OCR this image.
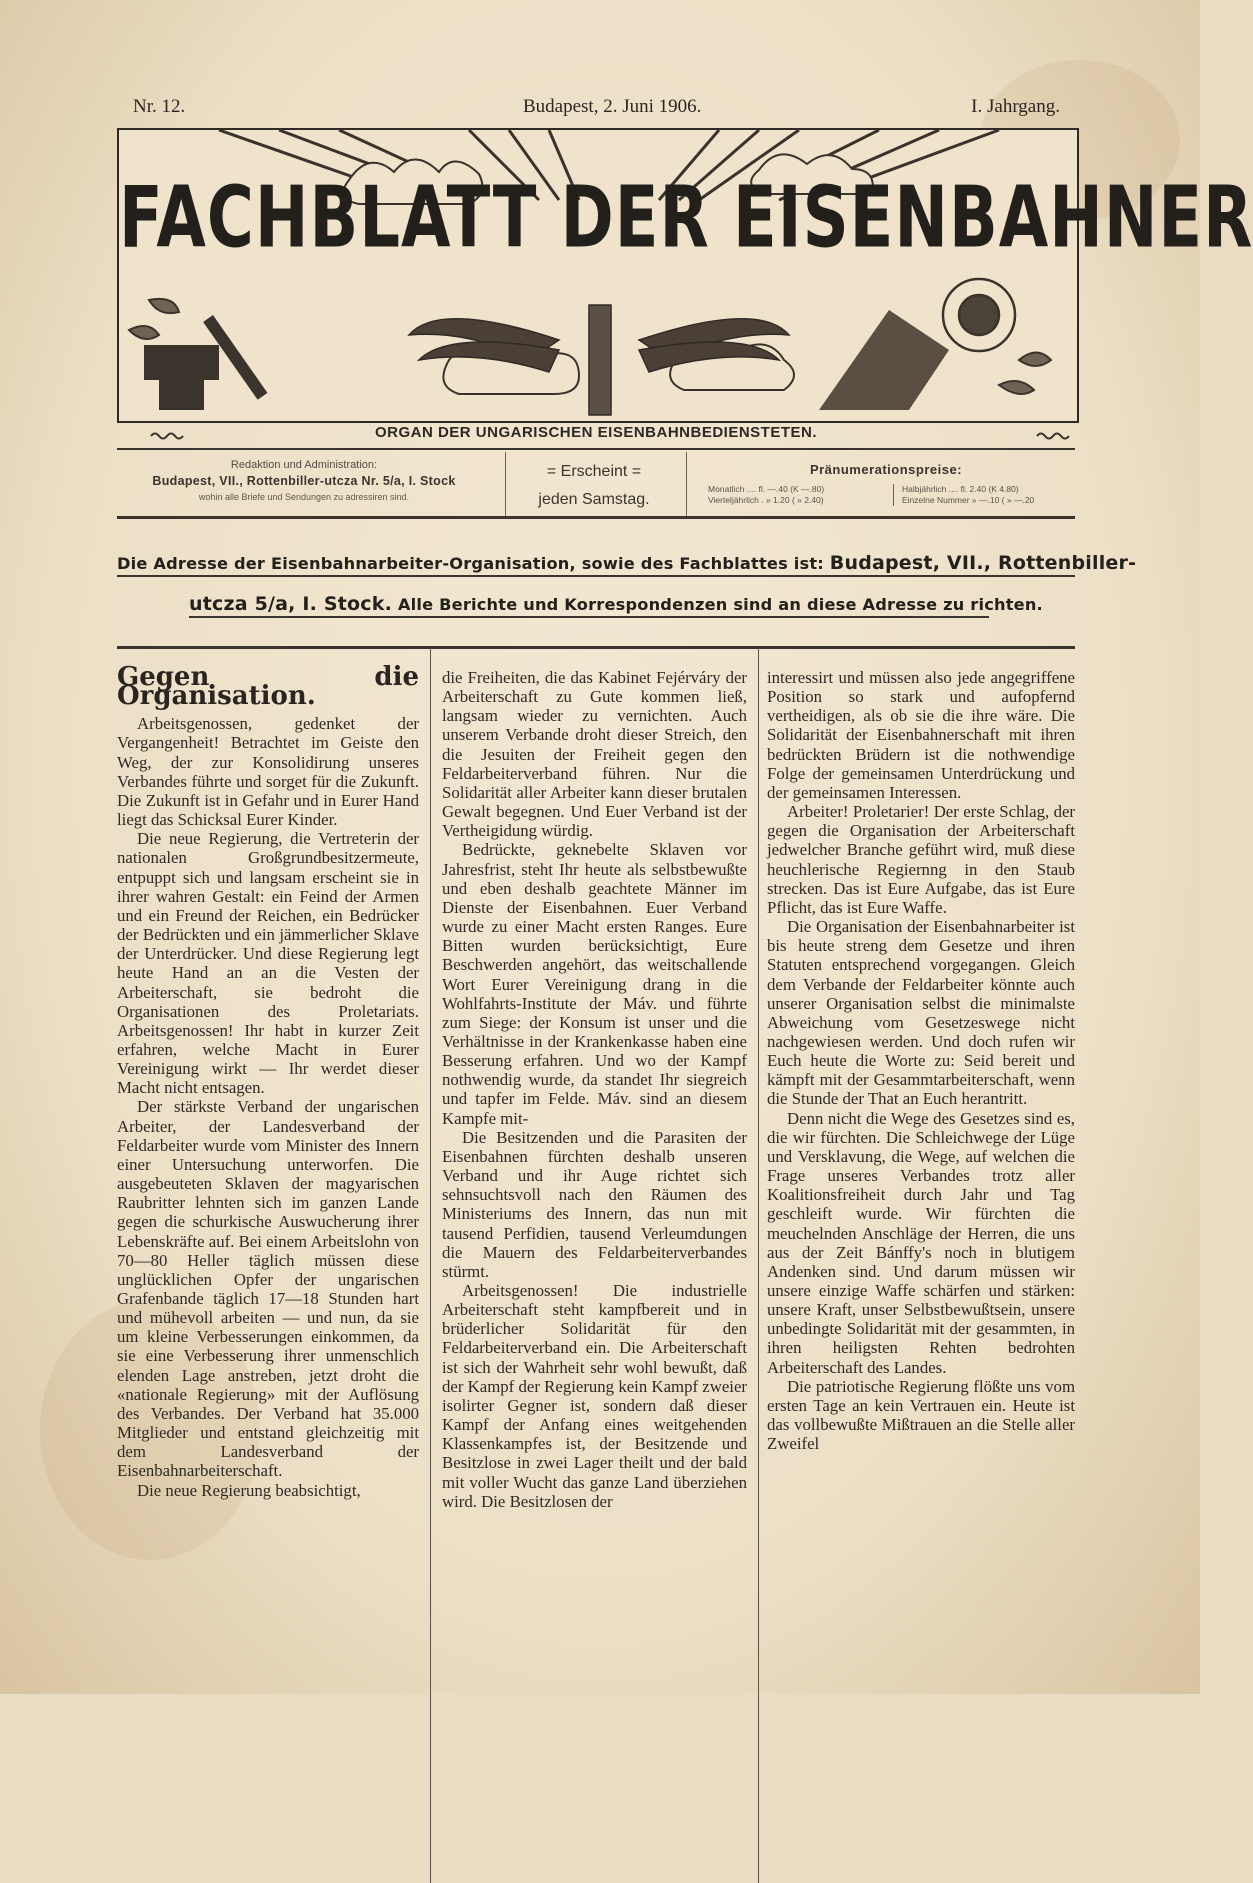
Nr. 12.	Budapest, 2. Juni 1906.	I. Jahrgang.
FACHBLATT DER EISENBAHNER
ORGAN DER UNGARISCHEN EISENBAHNBEDIENSTETEN.
Redaktion und Administration:
Budapest, VII., Rottenbiller-utcza Nr. 5/a, I. Stock
wohin alle Briefe und Sendungen zu adressiren sind.
= Erscheint =
jeden Samstag.
Pränumerationspreise:
Monatlich .... fl. —.40 (K —.80)
Vierteljährlich . » 1.20 ( » 2.40)
Halbjährlich .... fl. 2.40 (K 4.80)
Einzelne Nummer » —.10 ( » —.20
Die Adresse der Eisenbahnarbeiter-Organisation, sowie des Fachblattes ist: Budapest, VII., Rottenbiller-
utcza 5/a, I. Stock. Alle Berichte und Korrespondenzen sind an diese Adresse zu richten.
Gegen die Organisation.

Arbeitsgenossen, gedenket der Vergangenheit! Betrachtet im Geiste den Weg, der zur Konsolidirung unseres Verbandes führte und sorget für die Zukunft. Die Zukunft ist in Gefahr und in Eurer Hand liegt das Schicksal Eurer Kinder.

Die neue Regierung, die Vertreterin der nationalen Großgrundbesitzermeute, entpuppt sich und langsam erscheint sie in ihrer wahren Gestalt: ein Feind der Armen und ein Freund der Reichen, ein Bedrücker der Bedrückten und ein jämmerlicher Sklave der Unterdrücker. Und diese Regierung legt heute Hand an an die Vesten der Arbeiterschaft, sie bedroht die Organisationen des Proletariats. Arbeitsgenossen! Ihr habt in kurzer Zeit erfahren, welche Macht in Eurer Vereinigung wirkt — Ihr werdet dieser Macht nicht entsagen.

Der stärkste Verband der ungarischen Arbeiter, der Landesverband der Feldarbeiter wurde vom Minister des Innern einer Untersuchung unterworfen. Die ausgebeuteten Sklaven der magyarischen Raubritter lehnten sich im ganzen Lande gegen die schurkische Auswucherung ihrer Lebenskräfte auf. Bei einem Arbeitslohn von 70—80 Heller täglich müssen diese unglücklichen Opfer der ungarischen Grafenbande täglich 17—18 Stunden hart und mühevoll arbeiten — und nun, da sie um kleine Verbesserungen einkommen, da sie eine Verbesserung ihrer unmenschlich elenden Lage anstreben, jetzt droht die «nationale Regierung» mit der Auflösung des Verbandes. Der Verband hat 35.000 Mitglieder und entstand gleichzeitig mit dem Landesverband der Eisenbahnarbeiterschaft.

Die neue Regierung beabsichtigt,

die Freiheiten, die das Kabinet Fejérváry der Arbeiterschaft zu Gute kommen ließ, langsam wieder zu vernichten. Auch unserem Verbande droht dieser Streich, den die Jesuiten der Freiheit gegen den Feldarbeiterverband führen. Nur die Solidarität aller Arbeiter kann dieser brutalen Gewalt begegnen. Und Euer Verband ist der Vertheigidung würdig.

Bedrückte, geknebelte Sklaven vor Jahresfrist, steht Ihr heute als selbstbewußte und eben deshalb geachtete Männer im Dienste der Eisenbahnen. Euer Verband wurde zu einer Macht ersten Ranges. Eure Bitten wurden berücksichtigt, Eure Beschwerden angehört, das weitschallende Wort Eurer Vereinigung drang in die Wohlfahrts-Institute der Máv. und führte zum Siege: der Konsum ist unser und die Verhältnisse in der Krankenkasse haben eine Besserung erfahren. Und wo der Kampf nothwendig wurde, da standet Ihr siegreich und tapfer im Felde. Máv. sind an diesem Kampfe mit-

Die Besitzenden und die Parasiten der Eisenbahnen fürchten deshalb unseren Verband und ihr Auge richtet sich sehnsuchtsvoll nach den Räumen des Ministeriums des Innern, das nun mit tausend Perfidien, tausend Verleumdungen die Mauern des Feldarbeiterverbandes stürmt.

Arbeitsgenossen! Die industrielle Arbeiterschaft steht kampfbereit und in brüderlicher Solidarität für den Feldarbeiterverband ein. Die Arbeiterschaft ist sich der Wahrheit sehr wohl bewußt, daß der Kampf der Regierung kein Kampf zweier isolirter Gegner ist, sondern daß dieser Kampf der Anfang eines weitgehenden Klassenkampfes ist, der Besitzende und Besitzlose in zwei Lager theilt und der bald mit voller Wucht das ganze Land überziehen wird. Die Besitzlosen der

interessirt und müssen also jede angegriffene Position so stark und aufopfernd vertheidigen, als ob sie die ihre wäre. Die Solidarität der Eisenbahnerschaft mit ihren bedrückten Brüdern ist die nothwendige Folge der gemeinsamen Unterdrückung und der gemeinsamen Interessen.

Arbeiter! Proletarier! Der erste Schlag, der gegen die Organisation der Arbeiterschaft jedwelcher Branche geführt wird, muß diese heuchlerische Regiernng in den Staub strecken. Das ist Eure Aufgabe, das ist Eure Pflicht, das ist Eure Waffe.

Die Organisation der Eisenbahnarbeiter ist bis heute streng dem Gesetze und ihren Statuten entsprechend vorgegangen. Gleich dem Verbande der Feldarbeiter könnte auch unserer Organisation selbst die minimalste Abweichung vom Gesetzeswege nicht nachgewiesen werden. Und doch rufen wir Euch heute die Worte zu: Seid bereit und kämpft mit der Gesammtarbeiterschaft, wenn die Stunde der That an Euch herantritt.

Denn nicht die Wege des Gesetzes sind es, die wir fürchten. Die Schleichwege der Lüge und Versklavung, die Wege, auf welchen die Frage unseres Verbandes trotz aller Koalitionsfreiheit durch Jahr und Tag geschleift wurde. Wir fürchten die meuchelnden Anschläge der Herren, die uns aus der Zeit Bánffy's noch in blutigem Andenken sind. Und darum müssen wir unsere einzige Waffe schärfen und stärken: unsere Kraft, unser Selbstbewußtsein, unsere unbedingte Solidarität mit der gesammten, in ihren heiligsten Rehten bedrohten Arbeiterschaft des Landes.

Die patriotische Regierung flößte uns vom ersten Tage an kein Vertrauen ein. Heute ist das vollbewußte Mißtrauen an die Stelle aller Zweifel
